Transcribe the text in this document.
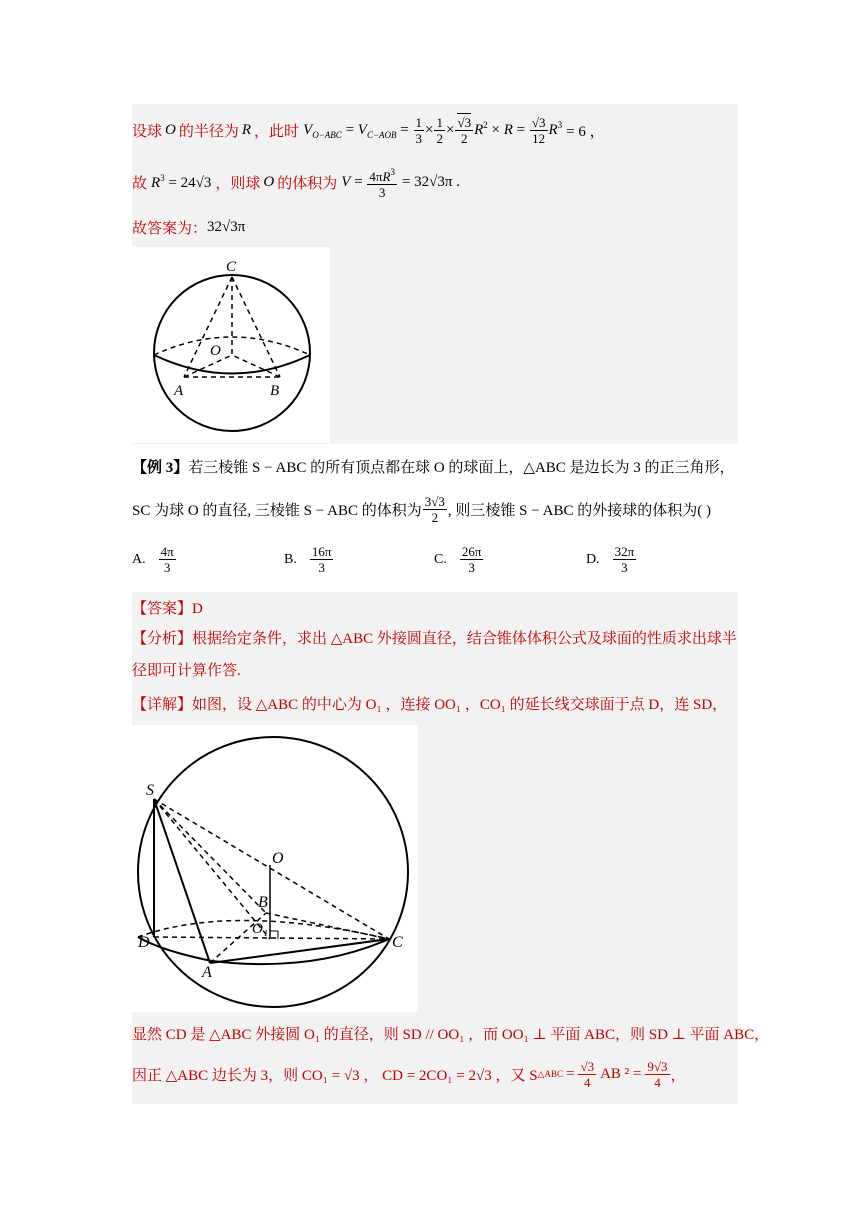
设球 O 的半径为 R ，此时 $V_{O-ABC} = V_{C-AOB} = \frac{1}{3} \times \frac{1}{2} \times \frac{√3}{2} R^2 \times R = \frac{√3}{12} R^3 = 6$ ，
故 $R^3 = 24√3$ ，则球 O 的体积为 $V = \frac{4\pi R^3}{3} = 32√3\pi$ .
故答案为： 32√3π
C
O
A	B
【例 3】 若三棱锥 S − ABC 的所有顶点都在球 O 的球面上，△ABC 是边长为 3 的正三角形，
SC 为球 O 的直径, 三棱锥 S − ABC 的体积为 $\frac{3√3}{2}$ , 则三棱锥 S − ABC 的外接球的体积为( )
A. $\frac{4\pi}{3}$	B. $\frac{16\pi}{3}$	C. $\frac{26\pi}{3}$	D. $\frac{32\pi}{3}$
【答案】D
【分析】根据给定条件，求出 △ABC 外接圆直径，结合锥体体积公式及球面的性质求出球半
径即可计算作答.
【详解】如图，设 △ABC 的中心为 O₁ ，连接 OO₁ ，CO₁ 的延长线交球面于点 D，连 SD，
S
O
B
O₁
D	C
A
显然 CD 是 △ABC 外接圆 O₁ 的直径，则 SD // OO₁ ，而 OO₁ ⊥ 平面 ABC，则 SD ⊥ 平面 ABC，
因正 △ABC 边长为 3，则 CO₁ = √3 ， CD = 2CO₁ = 2√3 ，又 S △ABC = $\frac{√3}{4}$ AB $^2 = \frac{9√3}{4}$ ，
